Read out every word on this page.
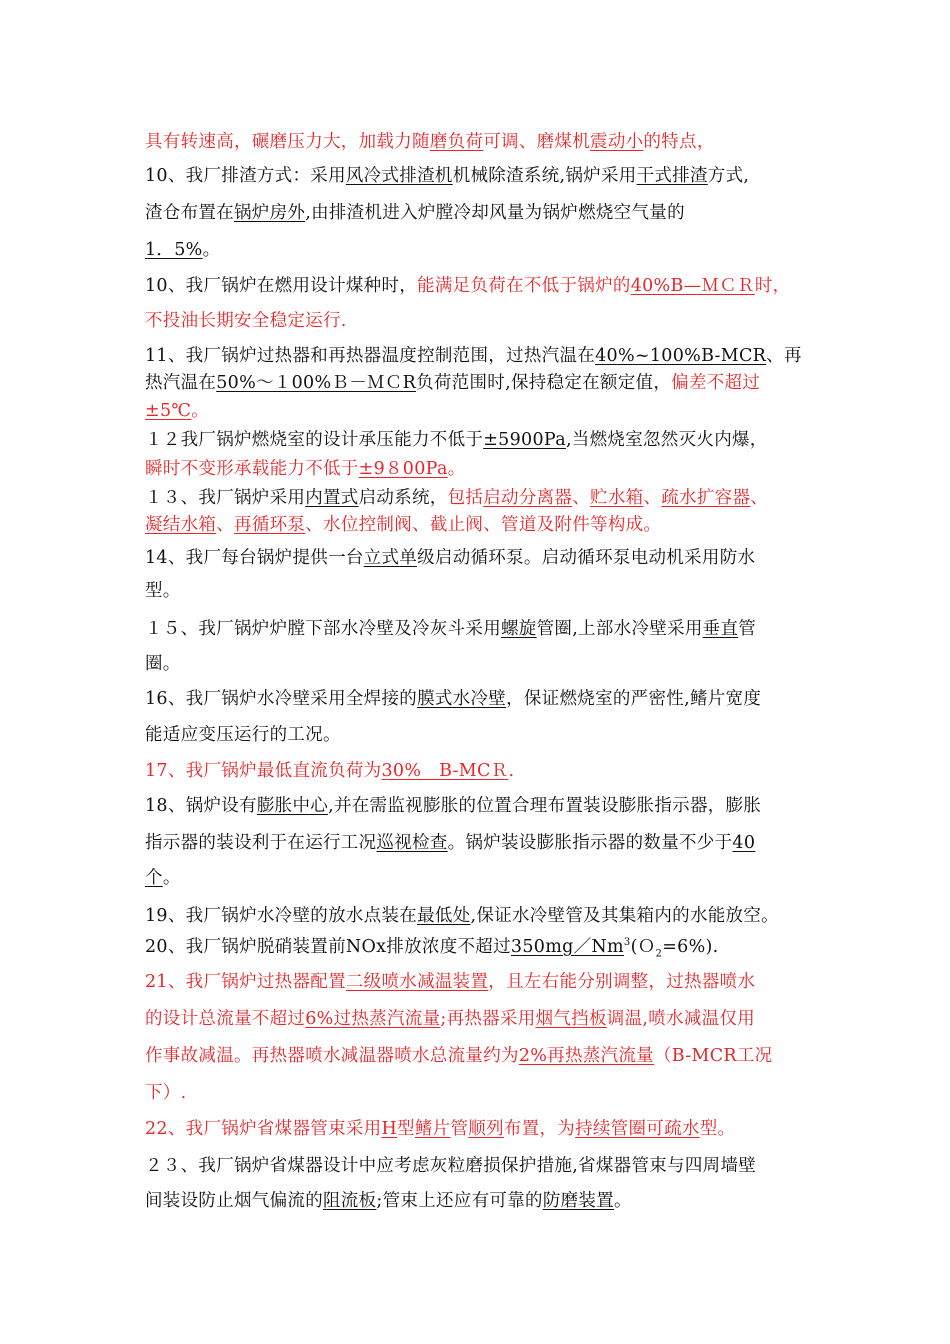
具有转速高，碾磨压力大，加载力随磨负荷可调、磨煤机震动小的特点，
10、我厂排渣方式：采用风冷式排渣机机械除渣系统,锅炉采用干式排渣方式,
渣仓布置在锅炉房外,由排渣机进入炉膛冷却风量为锅炉燃烧空气量的
1．5%。
10、我厂锅炉在燃用设计煤种时，能满足负荷在不低于锅炉的40%B—ＭＣＲ时，
不投油长期安全稳定运行.
11、我厂锅炉过热器和再热器温度控制范围，过热汽温在40%~100%B-MCR、再
热汽温在50%～１00%Ｂ－ＭＣR负荷范围时,保持稳定在额定值，偏差不超过
±5℃。
１２我厂锅炉燃烧室的设计承压能力不低于±5900Pa,当燃烧室忽然灭火内爆，
瞬时不变形承载能力不低于±9８00Pa。
１３、我厂锅炉采用内置式启动系统，包括启动分离器、贮水箱、疏水扩容器、
凝结水箱、再循环泵、水位控制阀、截止阀、管道及附件等构成。
14、我厂每台锅炉提供一台立式单级启动循环泵。启动循环泵电动机采用防水
型。
１５、我厂锅炉炉膛下部水冷壁及冷灰斗采用螺旋管圈,上部水冷壁采用垂直管
圈。
16、我厂锅炉水冷壁采用全焊接的膜式水冷壁，保证燃烧室的严密性,鳍片宽度
能适应变压运行的工况。
17、我厂锅炉最低直流负荷为30%　B-MCＲ.
18、锅炉设有膨胀中心,并在需监视膨胀的位置合理布置装设膨胀指示器，膨胀
指示器的装设利于在运行工况巡视检查。锅炉装设膨胀指示器的数量不少于40
个。
19、我厂锅炉水冷壁的放水点装在最低处,保证水冷壁管及其集箱内的水能放空。
20、我厂锅炉脱硝装置前NOx排放浓度不超过$350mg/Nm^3(O_2=6\%)$.
21、我厂锅炉过热器配置二级喷水减温装置，且左右能分别调整，过热器喷水
的设计总流量不超过6%过热蒸汽流量;再热器采用烟气挡板调温,喷水减温仅用
作事故减温。再热器喷水减温器喷水总流量约为2%再热蒸汽流量（B-MCR工况
下）.
22、我厂锅炉省煤器管束采用H型鳍片管顺列布置，为持续管圈可疏水型。
２３、我厂锅炉省煤器设计中应考虑灰粒磨损保护措施,省煤器管束与四周墙壁
间装设防止烟气偏流的阻流板;管束上还应有可靠的防磨装置。
